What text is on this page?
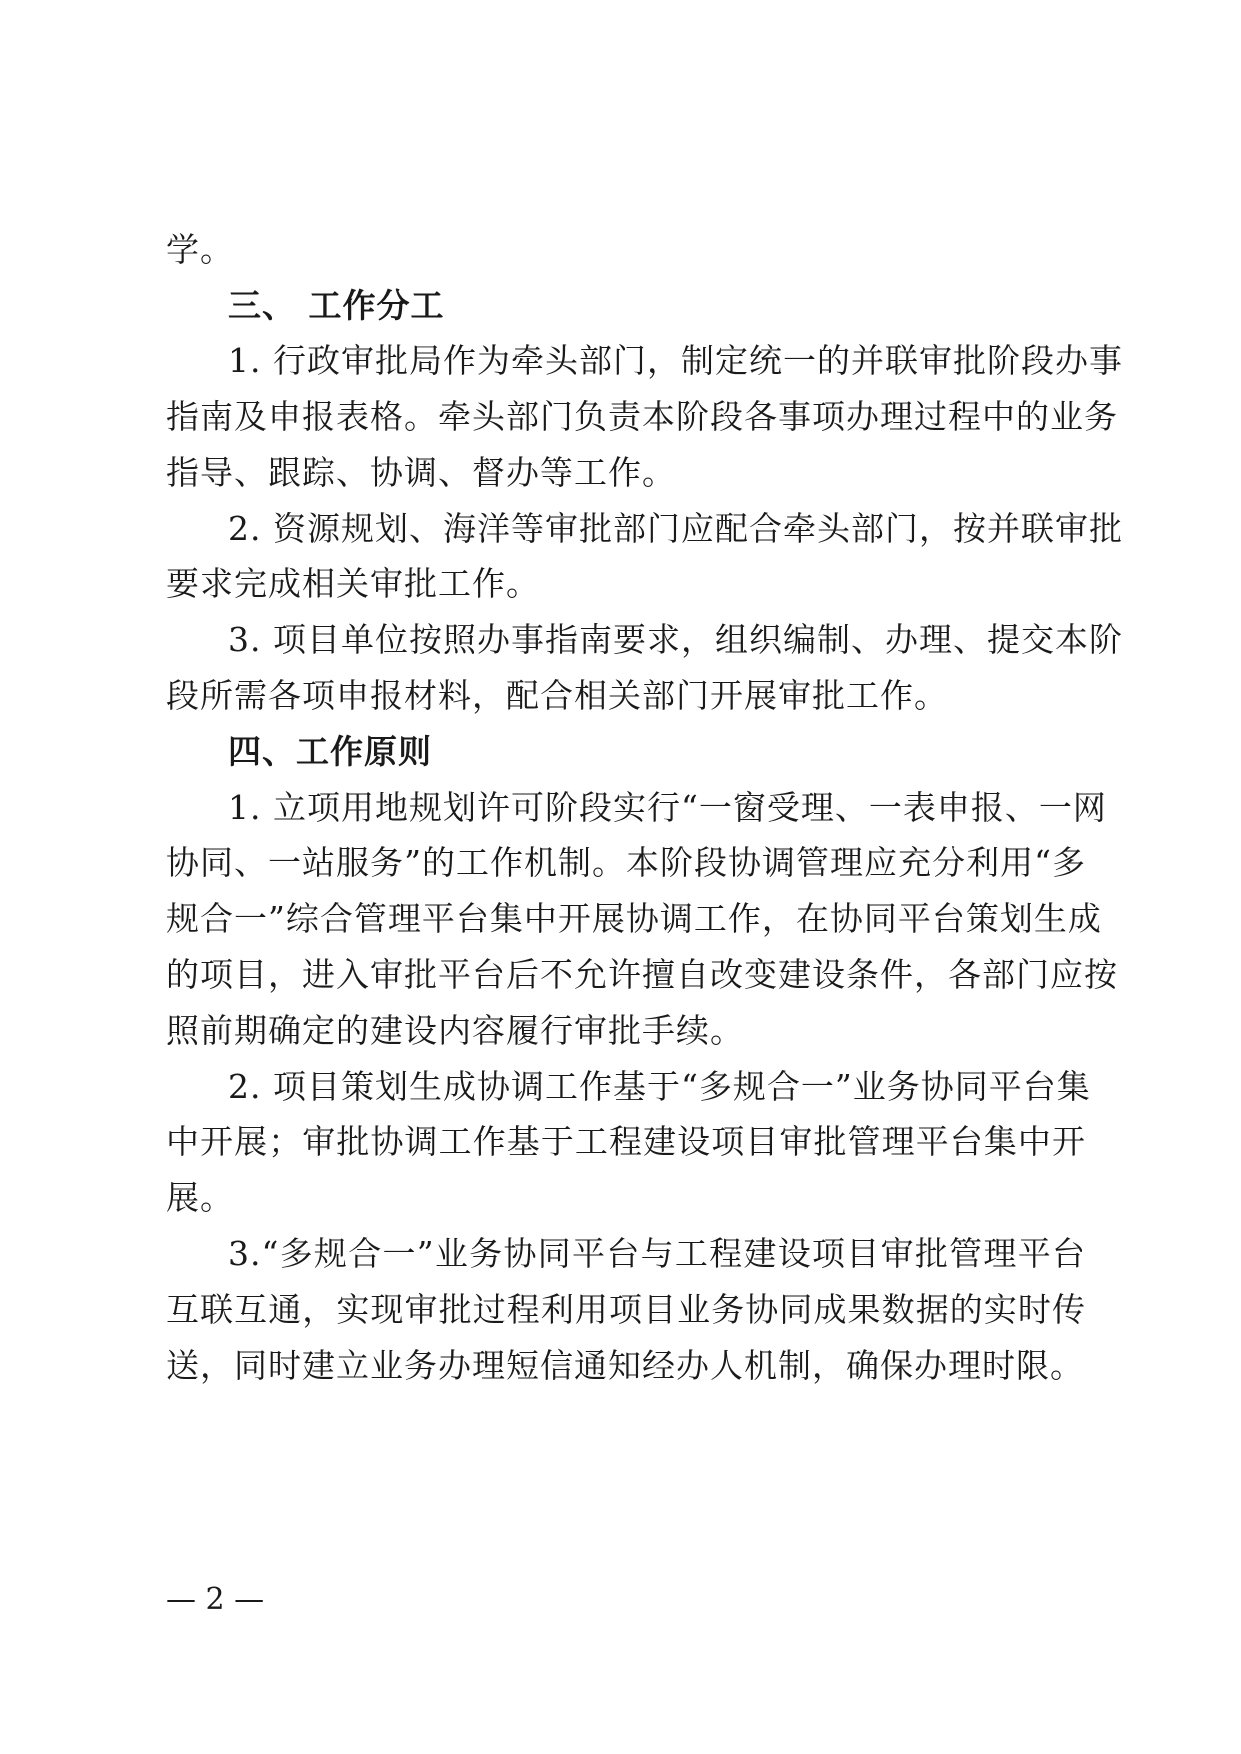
学。
三、 工作分工
1. 行政审批局作为牵头部门，制定统一的并联审批阶段办事
指南及申报表格。牵头部门负责本阶段各事项办理过程中的业务
指导、跟踪、协调、督办等工作。
2. 资源规划、海洋等审批部门应配合牵头部门，按并联审批
要求完成相关审批工作。
3. 项目单位按照办事指南要求，组织编制、办理、提交本阶
段所需各项申报材料，配合相关部门开展审批工作。
四、工作原则
1. 立项用地规划许可阶段实行“一窗受理、一表申报、一网
协同、一站服务”的工作机制。本阶段协调管理应充分利用“多
规合一”综合管理平台集中开展协调工作，在协同平台策划生成
的项目，进入审批平台后不允许擅自改变建设条件，各部门应按
照前期确定的建设内容履行审批手续。
2. 项目策划生成协调工作基于“多规合一”业务协同平台集
中开展；审批协调工作基于工程建设项目审批管理平台集中开
展。
3.“多规合一”业务协同平台与工程建设项目审批管理平台
互联互通，实现审批过程利用项目业务协同成果数据的实时传
送，同时建立业务办理短信通知经办人机制，确保办理时限。
— 2 —
